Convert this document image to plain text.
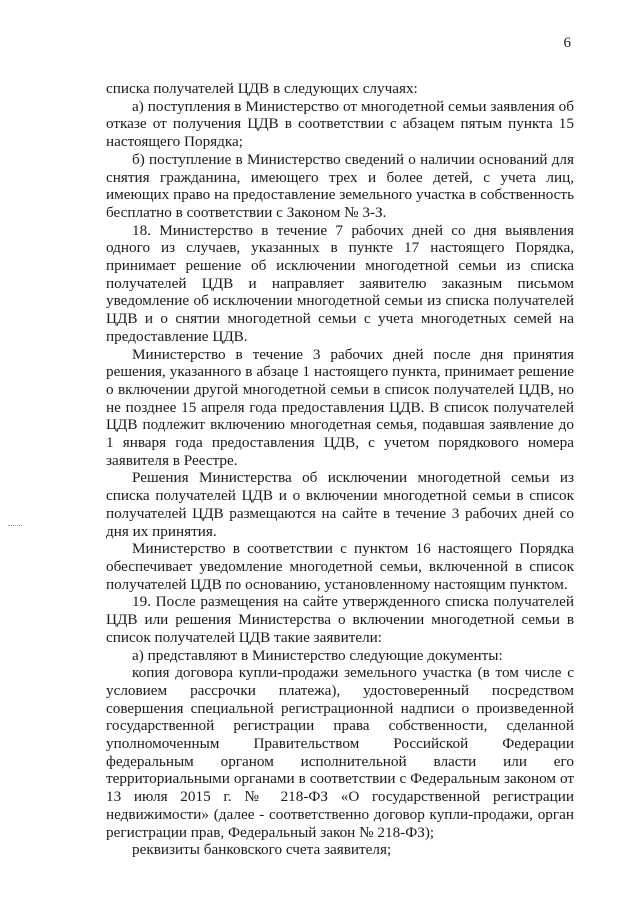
6

списка получателей ЦДВ в следующих случаях:

а) поступления в Министерство от многодетной семьи заявления об отказе от получения ЦДВ в соответствии с абзацем пятым пункта 15 настоящего Порядка;

б) поступление в Министерство сведений о наличии оснований для снятия гражданина, имеющего трех и более детей, с учета лиц, имеющих право на предоставление земельного участка в собственность бесплатно в соответствии с Законом № 3-З.

18. Министерство в течение 7 рабочих дней со дня выявления одного из случаев, указанных в пункте 17 настоящего Порядка, принимает решение об исключении многодетной семьи из списка получателей ЦДВ и направляет заявителю заказным письмом уведомление об исключении многодетной семьи из списка получателей ЦДВ и о снятии многодетной семьи с учета многодетных семей на предоставление ЦДВ.

Министерство в течение 3 рабочих дней после дня принятия решения, указанного в абзаце 1 настоящего пункта, принимает решение о включении другой многодетной семьи в список получателей ЦДВ, но не позднее 15 апреля года предоставления ЦДВ. В список получателей ЦДВ подлежит включению многодетная семья, подавшая заявление до 1 января года предоставления ЦДВ, с учетом порядкового номера заявителя в Реестре.

Решения Министерства об исключении многодетной семьи из списка получателей ЦДВ и о включении многодетной семьи в список получателей ЦДВ размещаются на сайте в течение 3 рабочих дней со дня их принятия.

Министерство в соответствии с пунктом 16 настоящего Порядка обеспечивает уведомление многодетной семьи, включенной в список получателей ЦДВ по основанию, установленному настоящим пунктом.

19. После размещения на сайте утвержденного списка получателей ЦДВ или решения Министерства о включении многодетной семьи в список получателей ЦДВ такие заявители:

а) представляют в Министерство следующие документы:

копия договора купли-продажи земельного участка (в том числе с условием рассрочки платежа), удостоверенный посредством совершения специальной регистрационной надписи о произведенной государственной регистрации права собственности, сделанной уполномоченным Правительством Российской Федерации федеральным органом исполнительной власти или его территориальными органами в соответствии с Федеральным законом от 13 июля 2015 г. № 218-ФЗ «О государственной регистрации недвижимости» (далее - соответственно договор купли-продажи, орган регистрации прав, Федеральный закон № 218-ФЗ);

реквизиты банковского счета заявителя;
